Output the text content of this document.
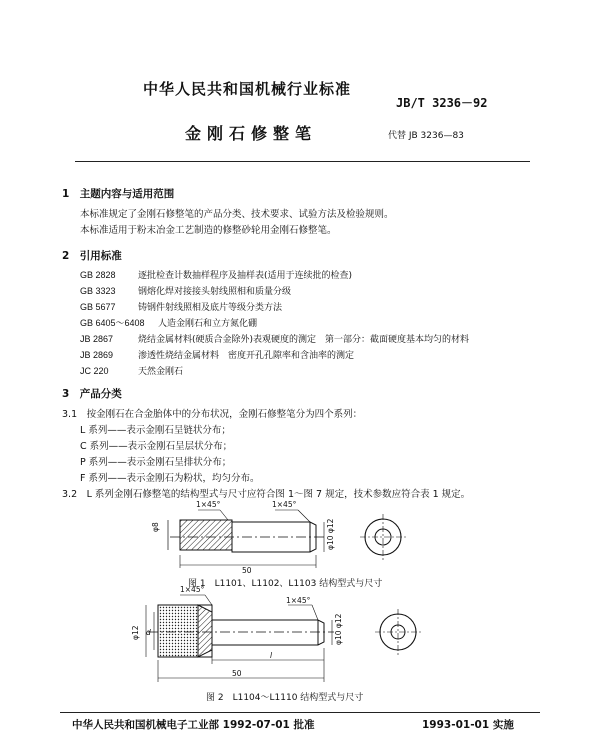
中华人民共和国机械行业标准
JB/T 3236－92
金刚石修整笔	代替 JB 3236—83
1　主题内容与适用范围
本标准规定了金刚石修整笔的产品分类、技术要求、试验方法及检验规则。
本标准适用于粉末冶金工艺制造的修整砂轮用金刚石修整笔。
2　引用标准
GB 2828 逐批检查计数抽样程序及抽样表(适用于连续批的检查)
GB 3323 钢熔化焊对接接头射线照相和质量分级
GB 5677 铸钢件射线照相及底片等级分类方法
GB 6405～6408 人造金刚石和立方氮化硼
JB 2867	烧结金属材料(硬质合金除外)表观硬度的测定　第一部分：截面硬度基本均匀的材料
JB 2869	渗透性烧结金属材料　密度开孔孔隙率和含油率的测定
JC 220	天然金刚石
3　产品分类
3.1　按金刚石在合金胎体中的分布状况，金刚石修整笔分为四个系列：
L 系列——表示金刚石呈链状分布；
C 系列——表示金刚石呈层状分布；
P 系列——表示金刚石呈排状分布；
F 系列——表示金刚石为粉状，均匀分布。
3.2　L 系列金刚石修整笔的结构型式与尺寸应符合图 1～图 7 规定，技术参数应符合表 1 规定。
1×45°	1×45°
φ8	φ10 φ12
50
图 1　L1101、L1102、L1103 结构型式与尺寸
1×45°
1×45°
φ12 d	φ10 φ12
l
50
图 2　L1104～L1110 结构型式与尺寸
中华人民共和国机械电子工业部 1992-07-01 批准	1993-01-01 实施
